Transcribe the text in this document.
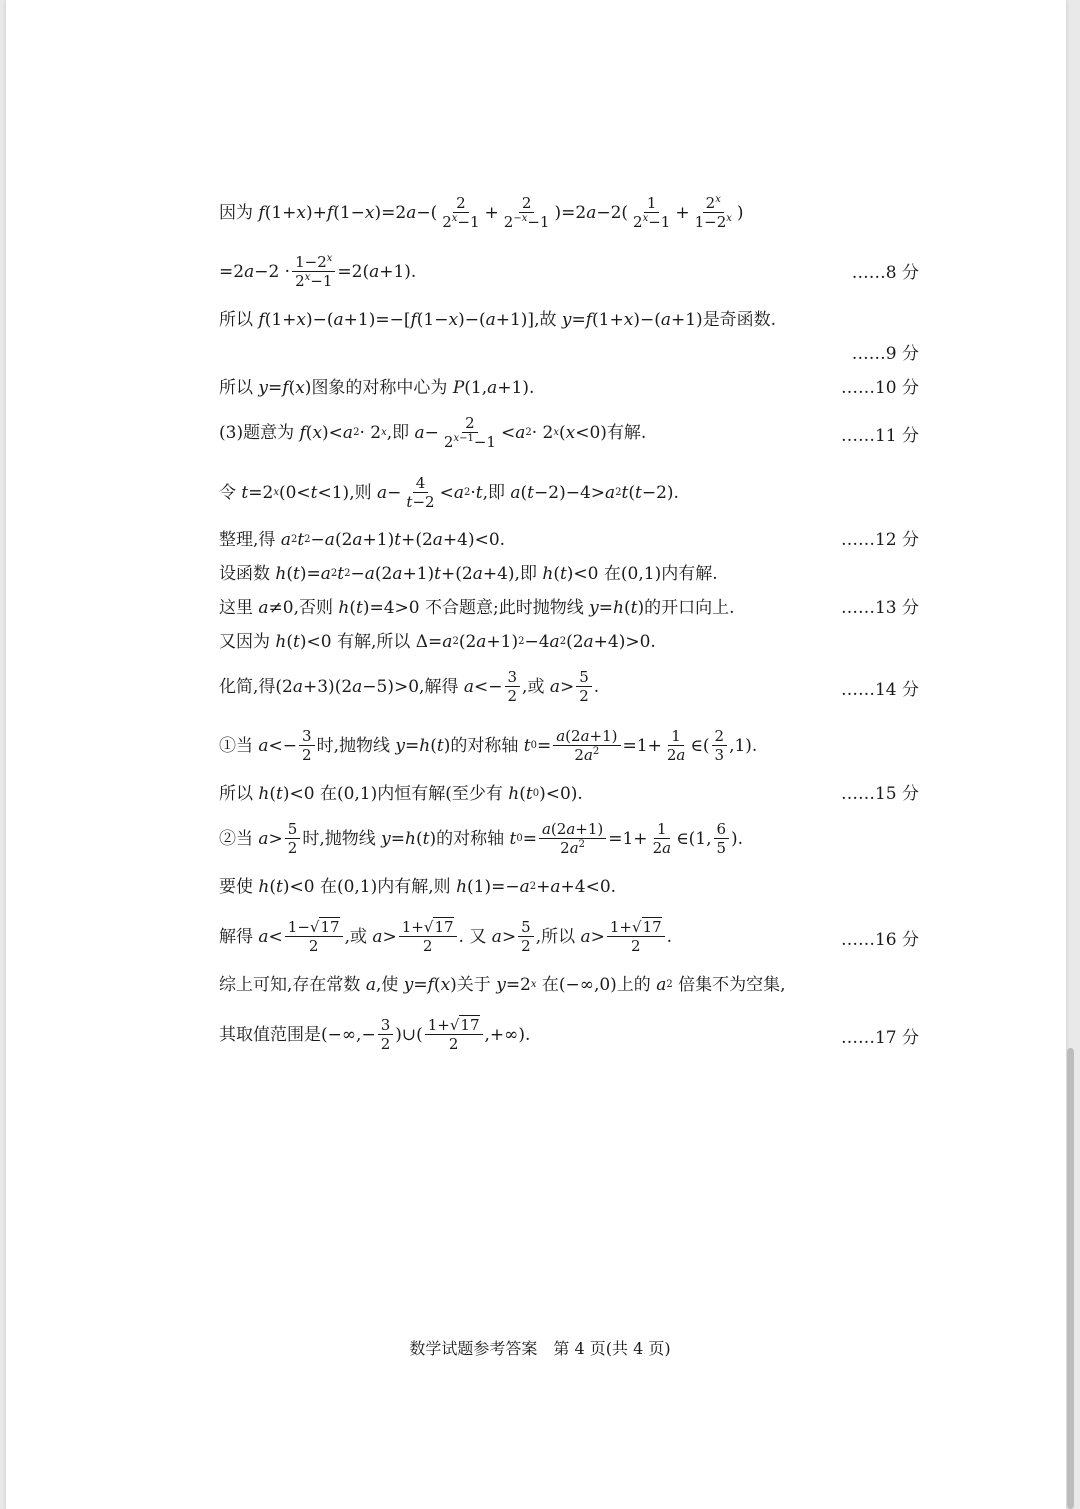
因为
f (1+ x )+ f (1− x )=2 a −( $\frac{2}{2^x-1} + \frac{2}{2^{-x}-1} )=2$ $a -2( \frac{1}{2^x-1} + \frac{2^x}{1-2^x}$ )
=2 $a -2 \cdot \frac{1-2^x}{2^x-1} =2$( a +1).	……8 分
所以
f (1+ x )−( a +1)=−[ f (1− x )−( a +1)] ,故
y = f (1+ x )−( a +1) 是奇函数.
……9 分
所以
y = f ( x ) 图象的对称中心为
P (1, a +1).	……10 分
(3)题意为
f ( x )< a 2 · 2 x ,即
$a - \frac{2}{2^{x-1}-1} < a$ 2 · 2 x ( x <0) 有解.	……11 分
令
t =2 x (0< t <1) ,则
$a - \frac{4}{t-2} < a$ 2 · t ,即
a ( t −2)−4> a 2 t ( t −2).
整理,得
a 2 t 2 − a (2 a +1) t +(2 a +4)<0.	……12 分
设函数
h ( t )= a 2 t 2 − a (2 a +1) t +(2 a +4) ,即
h ( t )<0 在(0,1)内有解.
这里
a ≠0 ,否则
h ( t )=4>0 不合题意;此时抛物线
y = h ( t ) 的开口向上.	……13 分
又因为
h ( t )<0 有解,所以 Δ= a 2 (2 a +1) 2 −4 a 2 (2 a +4)>0.
化简,得 (2 a +3)(2 a −5)>0 ,解得
$a <- \frac{3}{2}$ ,或
$a > \frac{5}{2}$ .	……14 分
①当
$a <- \frac{3}{2}$ 时,抛物线
y = h ( t ) 的对称轴
t $0 = \frac{a(2a+1)}{2a^2} =1+ \frac{1}{2a}$ ∈( $\frac{2}{3} ,1$).
所以
h ( t )<0 在(0,1)内恒有解(至少有
h ( t 0 )<0).	……15 分
②当
$a > \frac{5}{2}$ 时,抛物线
y = h ( t ) 的对称轴
t $0 = \frac{a(2a+1)}{2a^2} =1+ \frac{1}{2a}$ ∈(1, $\frac{6}{5}$ ).
要使
h ( t )<0 在(0,1)内有解,则
h (1)=− a 2 + a +4<0.
解得
$a < \frac{1-√17}{2}$ ,或
$a > \frac{1+√17}{2}$ . 又
$a > \frac{5}{2}$ , 所以
$a > \frac{1+√17}{2}$ .	……16 分
综上可知,存在常数
a ,使
y = f ( x ) 关于
y =2 x
在(−∞,0)上的
a 2
倍集不为空集,
其取值范围是 (−∞,− $\frac{3}{2}$ )∪( $\frac{1+√17}{2}$ ,+∞).	……17 分
数学试题参考答案　第 4 页(共 4 页)
